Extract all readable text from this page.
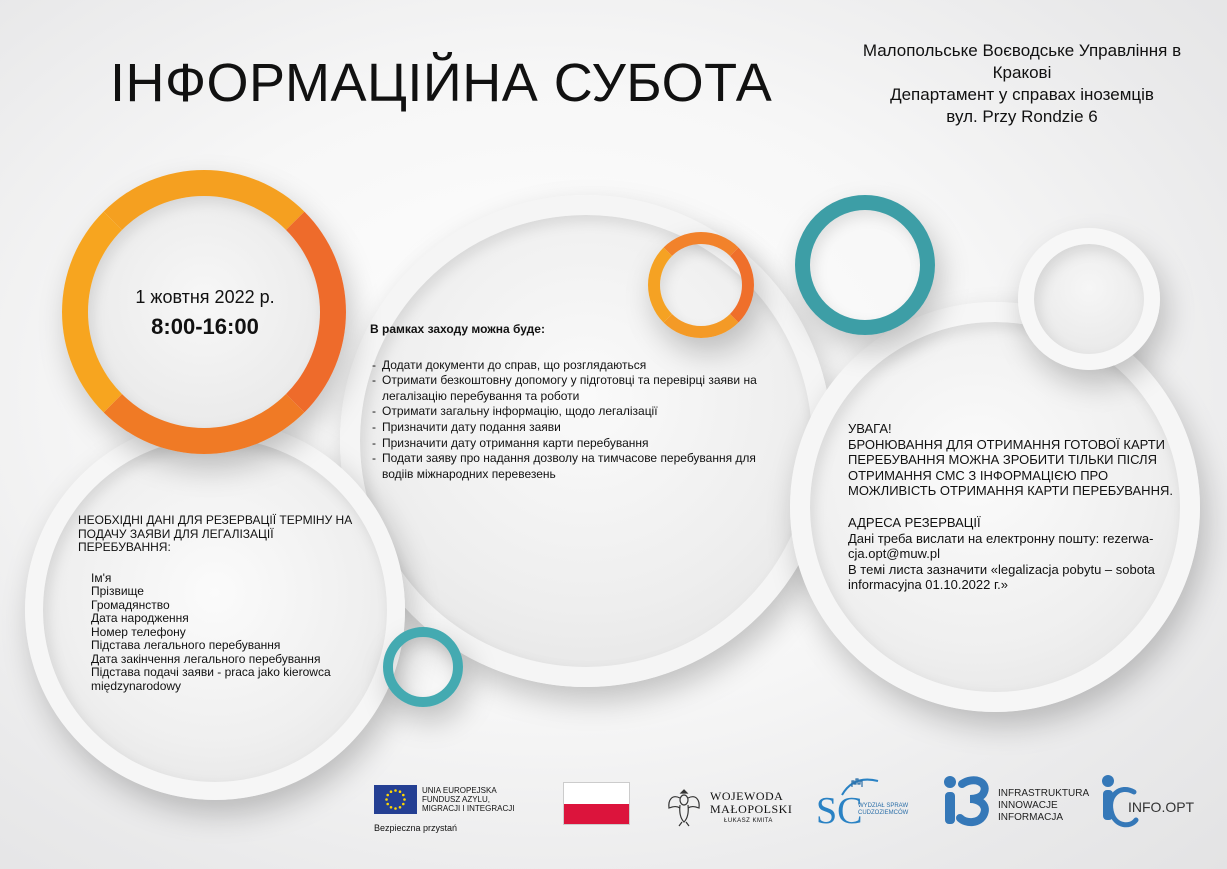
ІНФОРМАЦІЙНА СУБОТА
Малопольське Воєводське Управління в
Кракові
Департамент у справах іноземців
вул. Przy Rondzie 6
1 жовтня 2022 р.
8:00-16:00	В рамках заходу можна буде:
- Додати документи до справ, що розглядаються
- Отримати безкоштовну допомогу у підготовці та перевірці заяви на легалізацію перебування та роботи
- Отримати загальну інформацію, щодо легалізації
- Призначити дату подання заяви
- Призначити дату отримання карти перебування
- Подати заяву про надання дозволу на тимчасове перебування для водіів міжнародних перевезень
НЕОБХІДНІ ДАНІ ДЛЯ РЕЗЕРВАЦІЇ ТЕРМІНУ НА ПОДАЧУ ЗАЯВИ ДЛЯ ЛЕГАЛІЗАЦІЇ ПЕРЕБУВАННЯ:
Ім'я
Прізвище
Громадянство
Дата народження
Номер телефону
Підстава легального перебування
Дата закінчення легального перебування
Підстава подачі заяви - praca jako kierowca międzynarodowy
УВАГА!
БРОНЮВАННЯ ДЛЯ ОТРИМАННЯ ГОТОВОЇ КАРТИ ПЕРЕБУВАННЯ МОЖНА ЗРОБИТИ ТІЛЬКИ ПІСЛЯ ОТРИМАННЯ СМС З ІНФОРМАЦІЄЮ ПРО МОЖЛИВІСТЬ ОТРИМАННЯ КАРТИ ПЕРЕБУВАННЯ.
АДРЕСА РЕЗЕРВАЦІЇ
Дані треба вислати на електронну пошту: rezerwa-cja.opt@muw.pl
В темі листа зазначити «legalizacja pobytu – sobota informacyjna 01.10.2022 г.»
UNIA EUROPEJSKA
FUNDUSZ AZYLU,
MIGRACJI I INTEGRACJI
Bezpieczna przystań
WOJEWODA
MAŁOPOLSKI
ŁUKASZ KMITA SC
WYDZIAŁ SPRAW
CUDZOZIEMCÓW
INFRASTRUKTURA
INNOWACJE
INFORMACJA
INFO.OPT
